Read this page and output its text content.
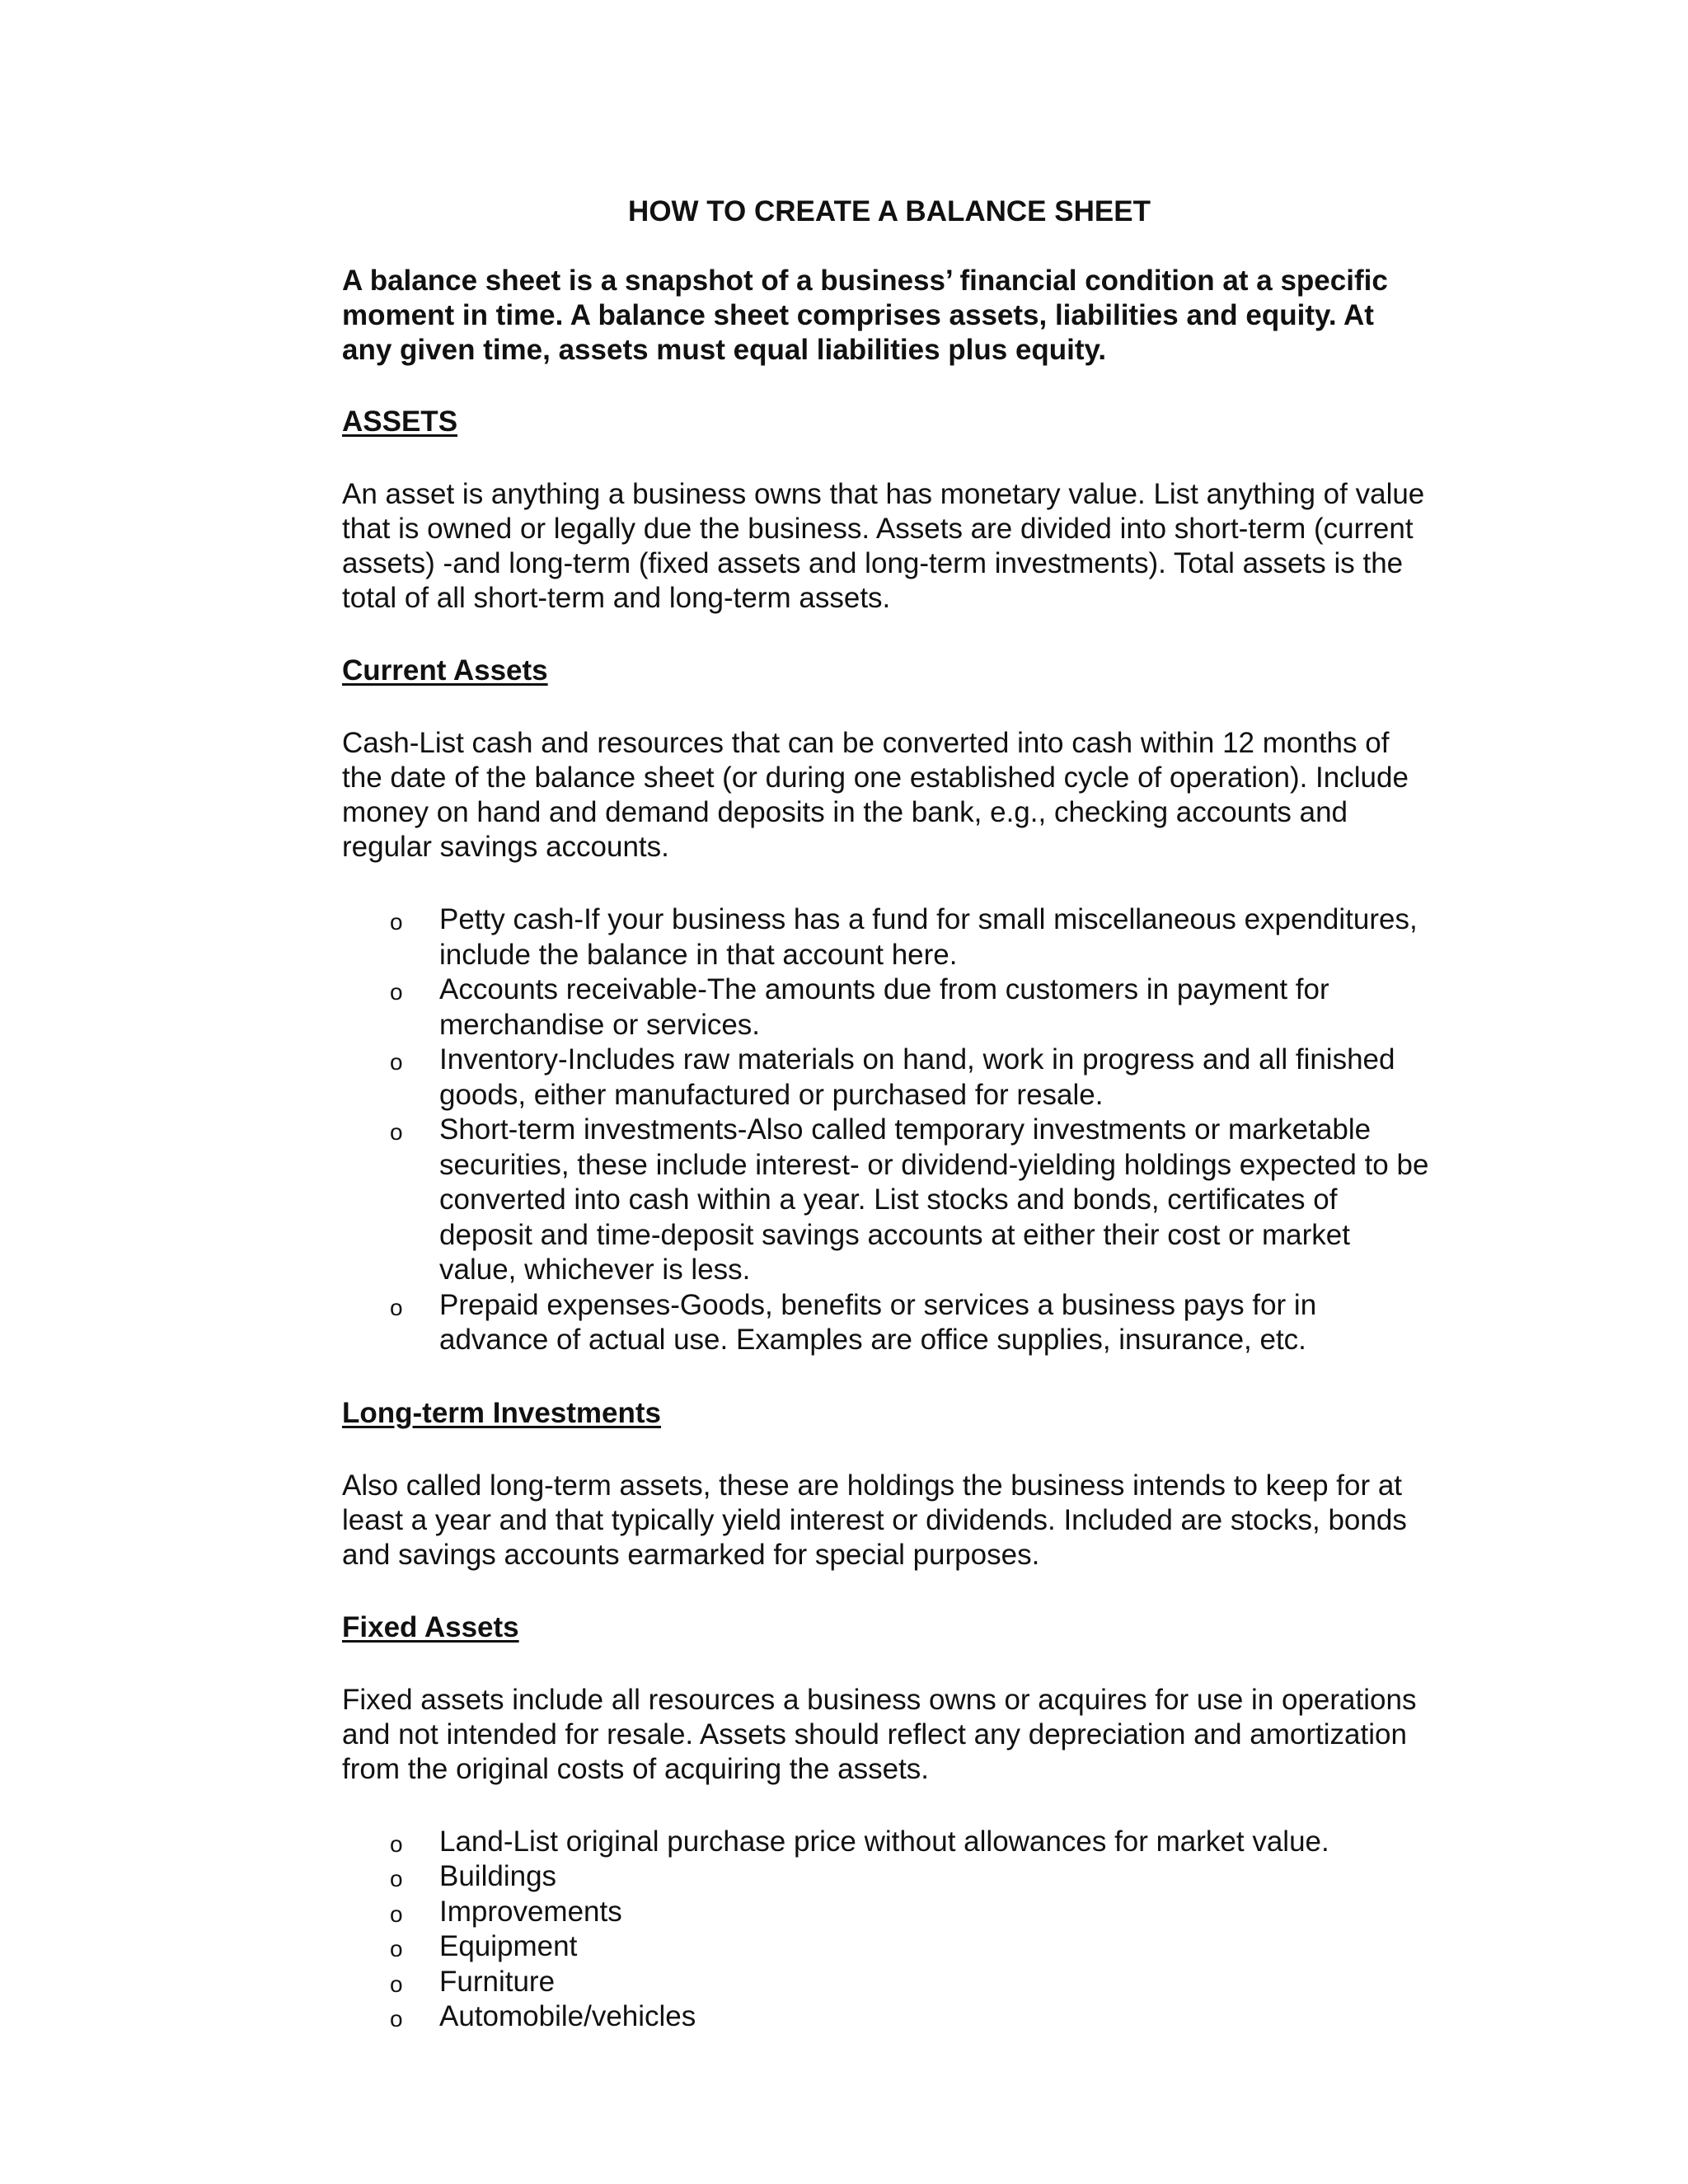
HOW TO CREATE A BALANCE SHEET
A balance sheet is a snapshot of a business’ financial condition at a specific moment in time. A balance sheet comprises assets, liabilities and equity. At any given time, assets must equal liabilities plus equity.
ASSETS
An asset is anything a business owns that has monetary value. List anything of value that is owned or legally due the business. Assets are divided into short-term (current assets) -and long-term (fixed assets and long-term investments). Total assets is the total of all short-term and long-term assets.
Current Assets
Cash-List cash and resources that can be converted into cash within 12 months of the date of the balance sheet (or during one established cycle of operation). Include money on hand and demand deposits in the bank, e.g., checking accounts and regular savings accounts.
o Petty cash-If your business has a fund for small miscellaneous expenditures, include the balance in that account here.
o Accounts receivable-The amounts due from customers in payment for merchandise or services.
o Inventory-Includes raw materials on hand, work in progress and all finished goods, either manufactured or purchased for resale.
o Short-term investments-Also called temporary investments or marketable securities, these include interest- or dividend-yielding holdings expected to be converted into cash within a year. List stocks and bonds, certificates of deposit and time-deposit savings accounts at either their cost or market value, whichever is less.
o Prepaid expenses-Goods, benefits or services a business pays for in advance of actual use. Examples are office supplies, insurance, etc.
Long-term Investments
Also called long-term assets, these are holdings the business intends to keep for at least a year and that typically yield interest or dividends. Included are stocks, bonds and savings accounts earmarked for special purposes.
Fixed Assets
Fixed assets include all resources a business owns or acquires for use in operations and not intended for resale. Assets should reflect any depreciation and amortization from the original costs of acquiring the assets.
o Land-List original purchase price without allowances for market value.
o Buildings
o Improvements
o Equipment
o Furniture
o Automobile/vehicles
